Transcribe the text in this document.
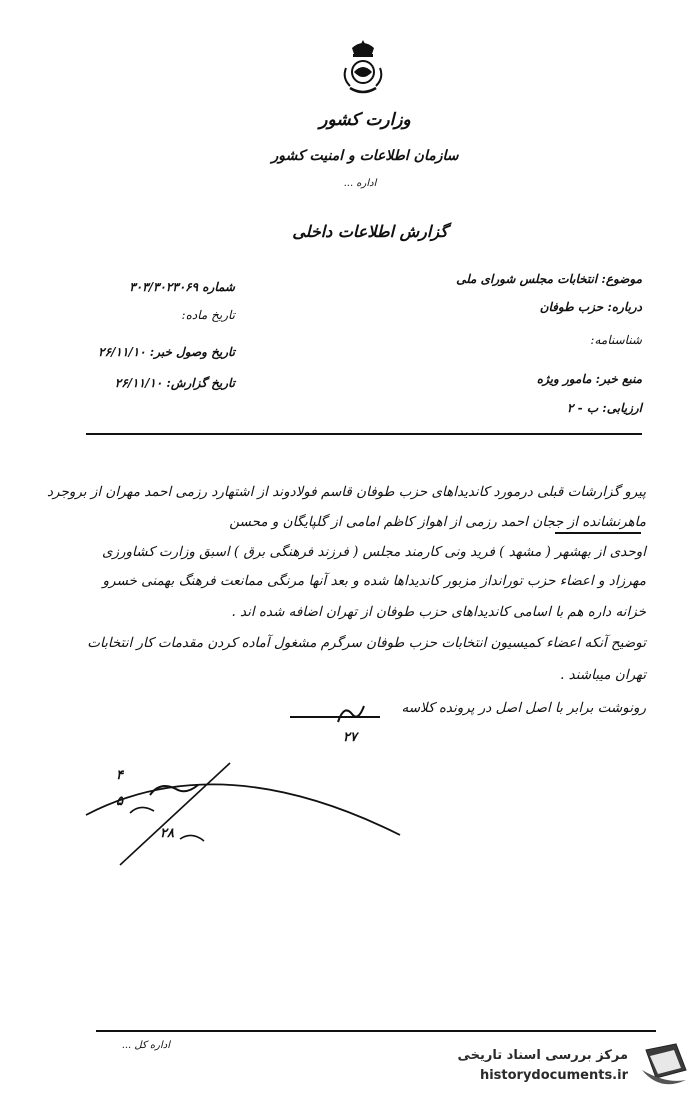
وزارت کشور
سازمان اطلاعات و امنیت کشور
اداره ...
گزارش اطلاعات داخلی
موضوع: انتخابات مجلس شورای ملی
درباره: حزب طوفان
شناسنامه:
منبع خبر: مامور ویژه
ارزیابی: ب - ۲
شماره ۳۰۳/۳۰۲۳۰۶۹
تاریخ ماده:
تاریخ وصول خبر: ۲۶/۱۱/۱۰
تاریخ گزارش: ۲۶/۱۱/۱۰
پیرو گزارشات قبلی درمورد کاندیداهای حزب طوفان قاسم فولادوند از اشتهارد رزمی احمد مهران از بروجرد
ماهرنشانده از ججان احمد رزمی از اهواز کاظم امامی از گلپایگان و محسن
اوحدی از بهشهر ( مشهد ) فرید ونی کارمند مجلس ( فرزند فرهنگی برق ) اسبق وزارت کشاورزی
مهرزاد و اعضاء حزب تورانداز مزبور کاندیداها شده و بعد آنها مرنگی ممانعت فرهنگ بهمنی خسرو
خزانه داره هم با اسامی کاندیداهای حزب طوفان از تهران اضافه شده اند .
توضیح آنکه اعضاء کمیسیون انتخابات حزب طوفان سرگرم مشغول آماده کردن مقدمات کار انتخابات
تهران میباشند .
رونوشت برابر با اصل اصل در پرونده کلاسه
۲۷
۴
۵
۲۸
اداره کل ...
مرکز بررسی اسناد تاریخی
historydocuments.ir
